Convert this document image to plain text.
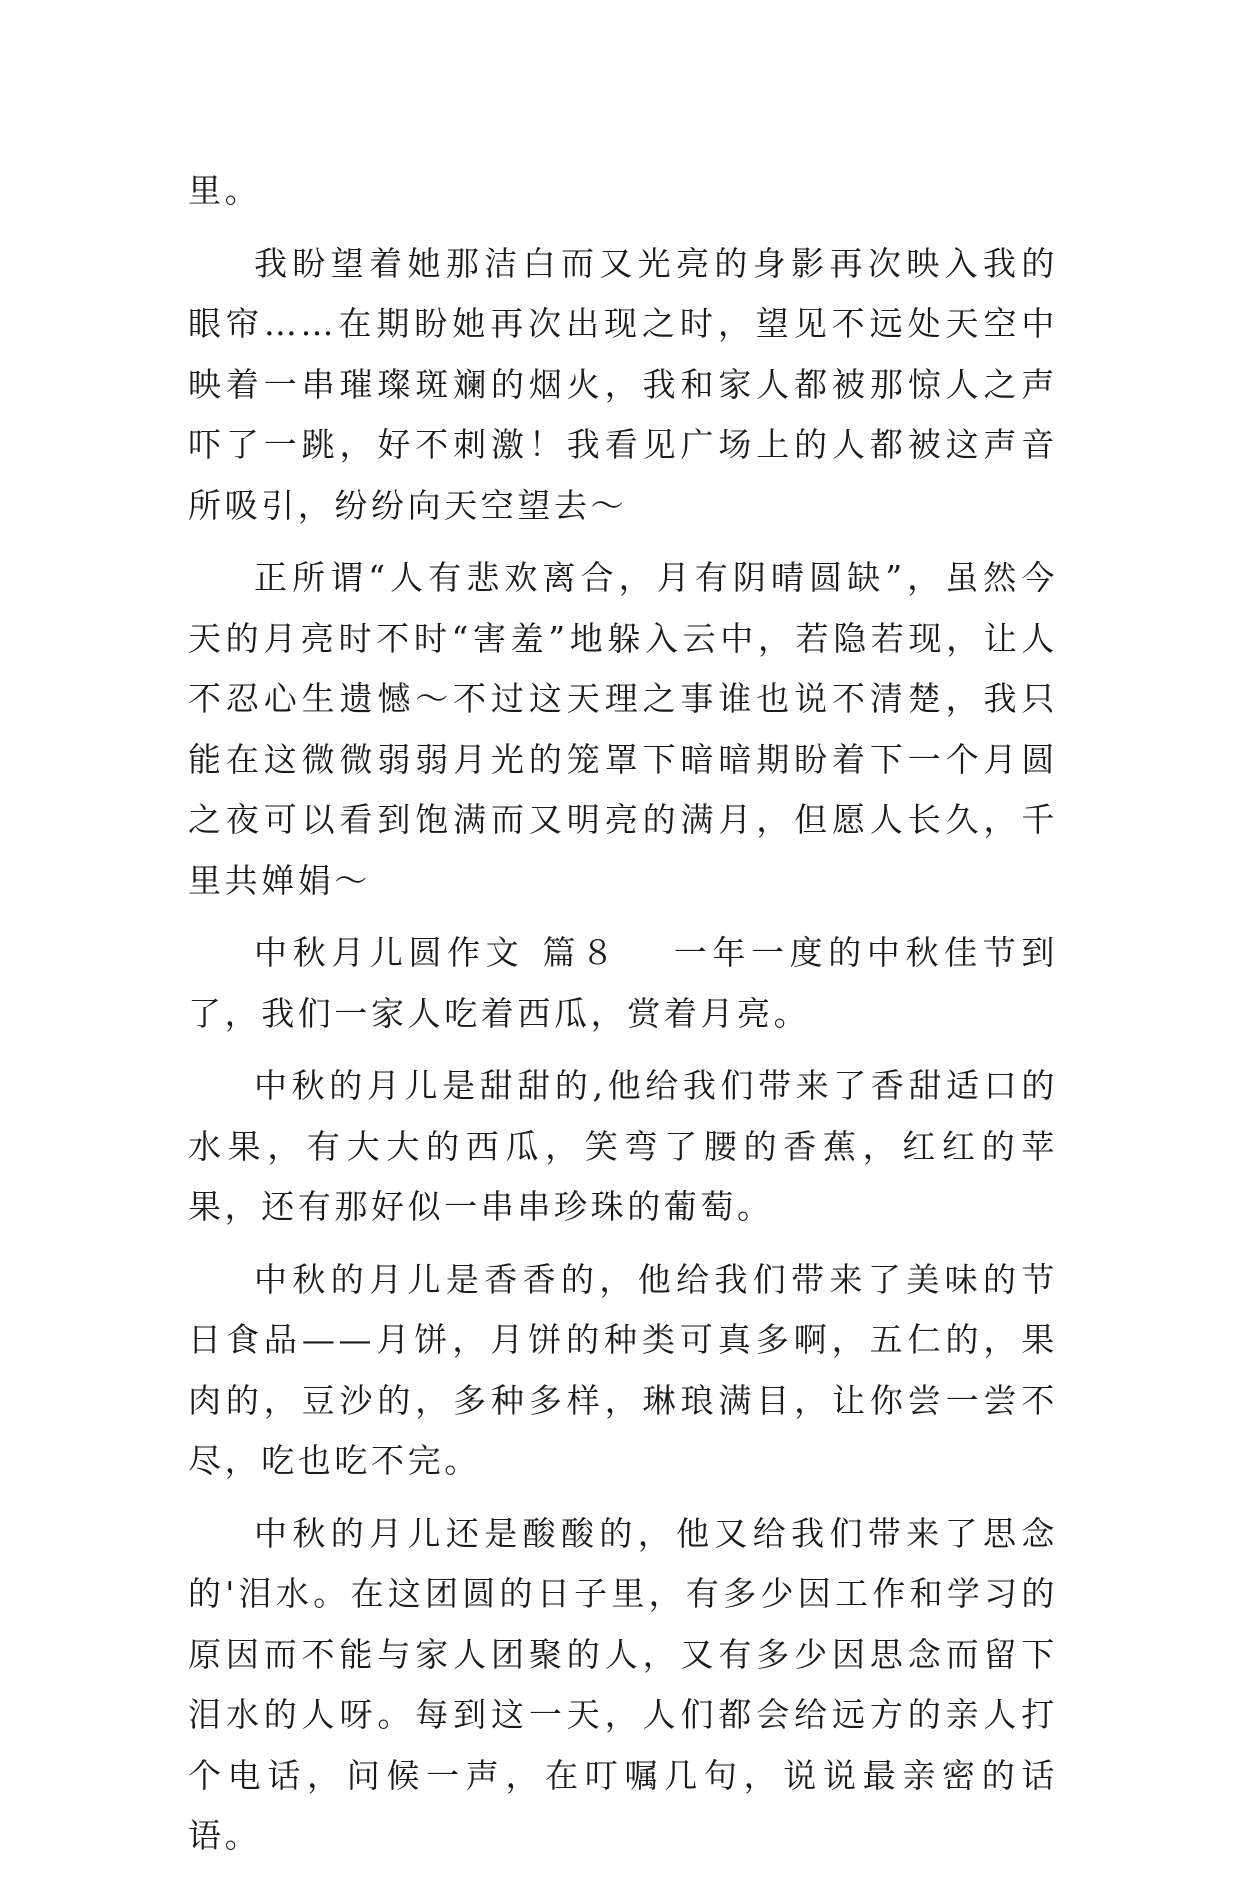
里。

我盼望着她那洁白而又光亮的身影再次映入我的眼帘……在期盼她再次出现之时，望见不远处天空中映着一串璀璨斑斓的烟火，我和家人都被那惊人之声吓了一跳，好不刺激！我看见广场上的人都被这声音所吸引，纷纷向天空望去～

正所谓“人有悲欢离合，月有阴晴圆缺”，虽然今天的月亮时不时“害羞”地躲入云中，若隐若现，让人不忍心生遗憾～不过这天理之事谁也说不清楚，我只能在这微微弱弱月光的笼罩下暗暗期盼着下一个月圆之夜可以看到饱满而又明亮的满月，但愿人长久，千里共婵娟～

中秋月儿圆作文 篇８ 一年一度的中秋佳节到了，我们一家人吃着西瓜，赏着月亮。

中秋的月儿是甜甜的,他给我们带来了香甜适口的水果，有大大的西瓜，笑弯了腰的香蕉，红红的苹果，还有那好似一串串珍珠的葡萄。

中秋的月儿是香香的，他给我们带来了美味的节日食品——月饼，月饼的种类可真多啊，五仁的，果肉的，豆沙的，多种多样，琳琅满目，让你尝一尝不尽，吃也吃不完。

中秋的月儿还是酸酸的，他又给我们带来了思念的'泪水。在这团圆的日子里，有多少因工作和学习的原因而不能与家人团聚的人，又有多少因思念而留下泪水的人呀。每到这一天，人们都会给远方的亲人打个电话，问候一声，在叮嘱几句，说说最亲密的话语。
